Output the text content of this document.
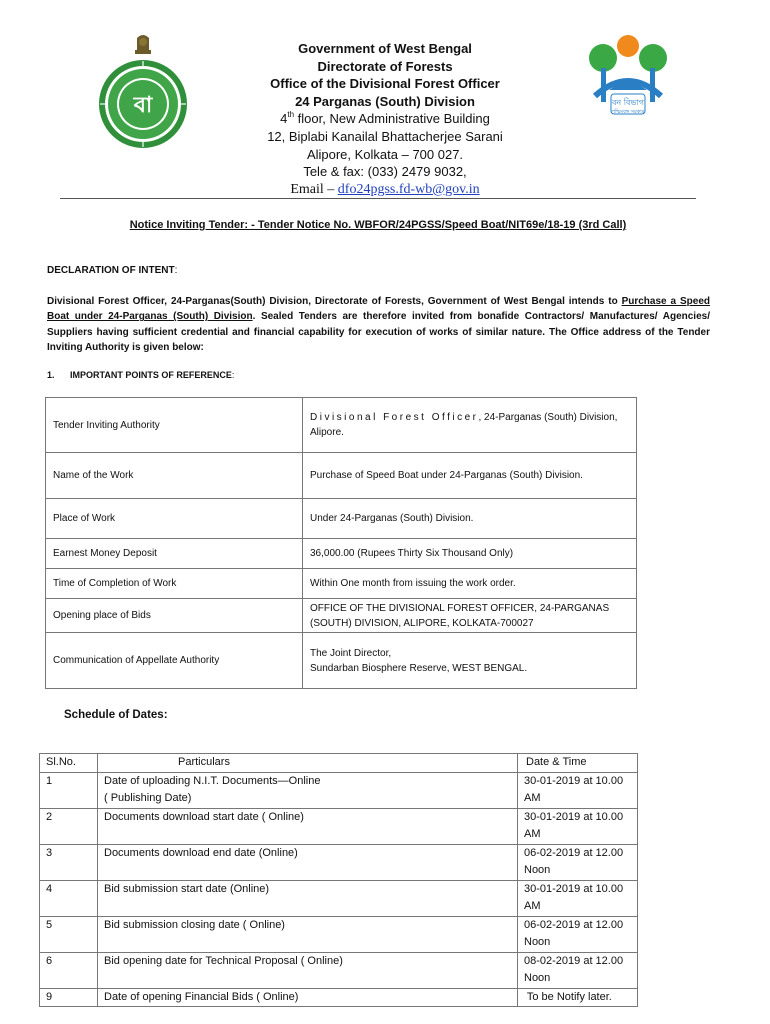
বা	বন বিভাগ
পশ্চিমবঙ্গ সরকার
Government of West Bengal
Directorate of Forests
Office of the Divisional Forest Officer
24 Parganas (South) Division
4th floor, New Administrative Building
12, Biplabi Kanailal Bhattacherjee Sarani
Alipore, Kolkata – 700 027.
Tele & fax: (033) 2479 9032,
Email – dfo24pgss.fd-wb@gov.in
Notice Inviting Tender: - Tender Notice No. WBFOR/24PGSS/Speed Boat/NIT69e/18-19 (3rd Call)
DECLARATION OF INTENT:
Divisional Forest Officer, 24-Parganas(South) Division, Directorate of Forests, Government of West Bengal intends to Purchase a Speed Boat under 24-Parganas (South) Division. Sealed Tenders are therefore invited from bonafide Contractors/ Manufactures/ Agencies/ Suppliers having sufficient credential and financial capability for execution of works of similar nature. The Office address of the Tender Inviting Authority is given below:
1. IMPORTANT POINTS OF REFERENCE:
Tender Inviting Authority	Divisional Forest Officer, 24-Parganas (South) Division, Alipore.
Name of the Work	Purchase of Speed Boat under 24-Parganas (South) Division.
Place of Work	Under 24-Parganas (South) Division.
Earnest Money Deposit	36,000.00 (Rupees Thirty Six Thousand Only)
Time of Completion of Work	Within One month from issuing the work order.
Opening place of Bids	OFFICE OF THE DIVISIONAL FOREST OFFICER, 24-PARGANAS (SOUTH) DIVISION, ALIPORE, KOLKATA-700027
Communication of Appellate Authority	The Joint Director,
Sundarban Biosphere Reserve, WEST BENGAL.
Schedule of Dates:
Sl.No.	Particulars	Date & Time
1	Date of uploading N.I.T. Documents—Online
( Publishing Date)	30-01-2019 at 10.00 AM
2	Documents download start date ( Online)	30-01-2019 at 10.00 AM
3	Documents download end date (Online)	06-02-2019 at 12.00 Noon
4	Bid submission start date (Online)	30-01-2019 at 10.00 AM
5	Bid submission closing date ( Online)	06-02-2019 at 12.00 Noon
6	Bid opening date for Technical Proposal ( Online)	08-02-2019 at 12.00 Noon
9	Date of opening Financial Bids ( Online)	To be Notify later.
